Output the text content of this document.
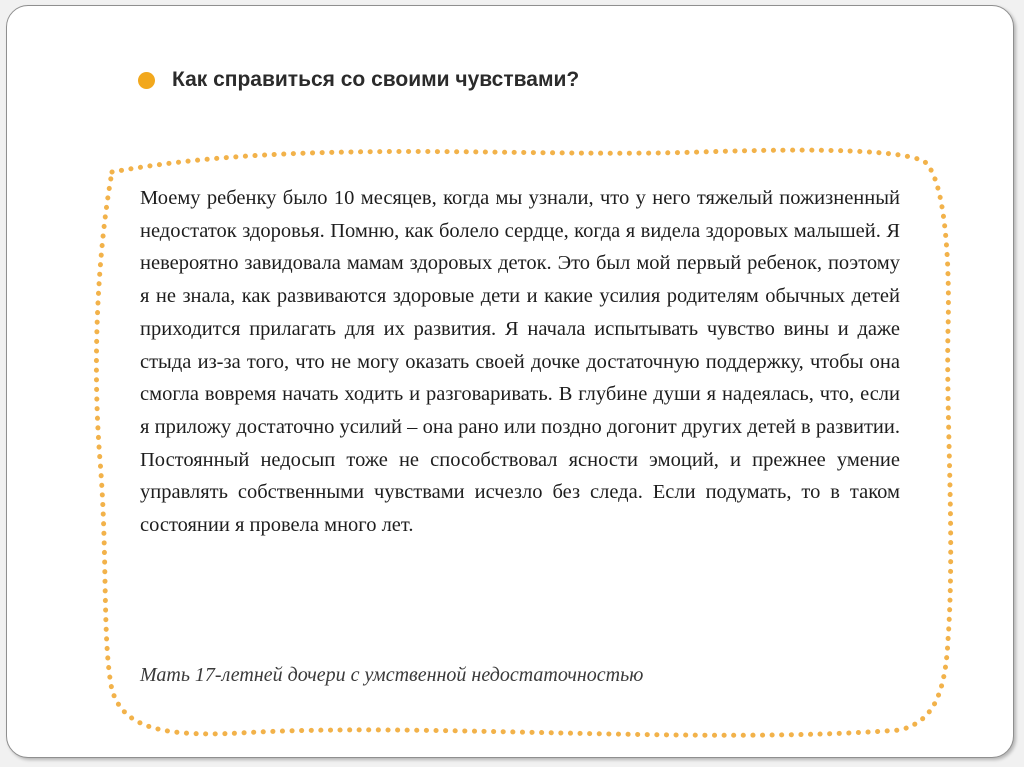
Как справиться со своими чувствами?

Моему ребенку было 10 месяцев, когда мы узнали, что у него тяжелый пожизненный недостаток здоровья. Помню, как болело сердце, когда я видела здоровых малышей. Я невероятно завидовала мамам здоровых деток. Это был мой первый ребенок, поэтому я не знала, как развиваются здоровые дети и какие усилия родителям обычных детей приходится прилагать для их развития. Я начала испытывать чувство вины и даже стыда из-за того, что не могу оказать своей дочке достаточную поддержку, чтобы она смогла вовремя начать ходить и разговаривать. В глубине души я надеялась, что, если я приложу достаточно усилий – она рано или поздно догонит других детей в развитии. Постоянный недосып тоже не способствовал ясности эмоций, и прежнее умение управлять собственными чувствами исчезло без следа. Если подумать, то в таком состоянии я провела много лет.

Мать 17-летней дочери с умственной недостаточностью
